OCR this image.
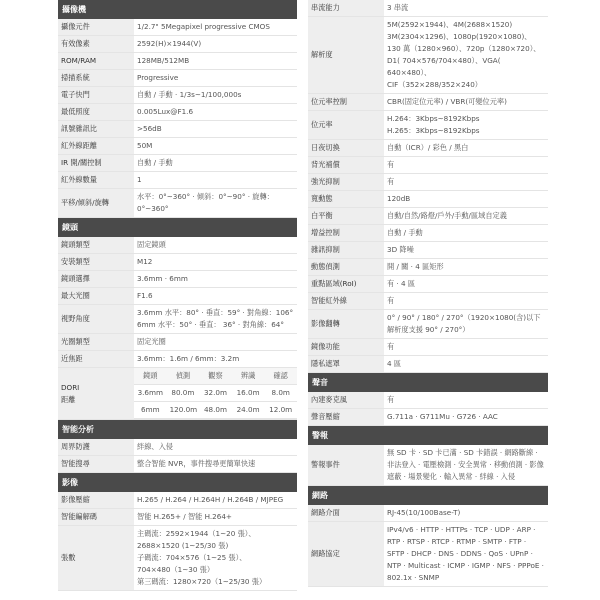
攝像機
攝像元件	1/2.7" 5Megapixel progressive CMOS
有效像素	2592(H)×1944(V)
ROM/RAM	128MB/512MB
掃描系統	Progressive
電子快門	自動 / 手動 · 1/3s~1/100,000s
最低照度	0.005Lux@F1.6
訊號雜訊比	>56dB
紅外線距離	50M
IR 開/關控制	自動 / 手動
紅外線數量	1
平移/傾斜/旋轉	水平：0°~360° · 傾斜：0°~90° · 旋轉：0°~360°
鏡頭
鏡頭類型	固定鏡頭
安裝類型	M12
鏡頭選擇	3.6mm · 6mm
最大光圈	F1.6
視野角度	3.6mm 水平：80° · 垂直：59° · 對角線：106°
6mm 水平：50° · 垂直： 36° · 對角線：64°
光圈類型	固定光圈
近焦距	3.6mm：1.6m / 6mm：3.2m
DORI
距離	
鏡頭	偵測	觀察	辨識	確認
3.6mm	80.0m	32.0m	16.0m	8.0m
6mm	120.0m	48.0m	24.0m	12.0m
智能分析
周界防護	絆線、入侵
智能搜尋	整合智能 NVR，事件搜尋更簡單快速
影像
影像壓縮	H.265 / H.264 / H.264H / H.264B / MJPEG
智能編解碼	智能 H.265+ / 智能 H.264+
張數	主碼流：2592×1944（1~20 張）、
2688×1520 (1~25/30 張)
子碼流：704×576（1~25 張）、
704×480（1~30 張）
第三碼流：1280×720（1~25/30 張）
串流能力	3 串流
解析度	5M(2592×1944)、4M(2688×1520)
3M(2304×1296)、1080p(1920×1080)、
130 萬（1280×960）、720p（1280×720）、
D1( 704×576/704×480）、VGA( 640×480）、
CIF（352×288/352×240）
位元率控制	CBR(固定位元率) / VBR(可變位元率)
位元率	H.264：3Kbps~8192Kbps
H.265：3Kbps~8192Kbps
日夜切換	自動（ICR）/ 彩色 / 黑白
背光補償	有
強光抑制	有
寬動態	120dB
白平衡	自動/自然/路燈/戶外/手動/區域自定義
增益控制	自動 / 手動
雜訊抑制	3D 降噪
動態偵測	開 / 關 · 4 區矩形
重點區域(RoI)	有 · 4 區
智能紅外線	有
影像翻轉	0° / 90° / 180° / 270°（1920×1080(含)以下解析度支援 90° / 270°）
鏡像功能	有
隱私遮罩	4 區
聲音
內建麥克風	有
聲音壓縮	G.711a · G711Mu · G726 · AAC
警報
警報事件	無 SD 卡 · SD 卡已滿 · SD 卡錯誤 · 網路斷線 · 非法登入 · 電壓檢測 · 安全異常 · 移動偵測 · 影像遮蔽 · 場景變化 · 輸入異常 · 絆線 · 入侵
網路
網路介面	RJ-45(10/100Base-T)
網路協定	IPv4/v6 · HTTP · HTTPs · TCP · UDP · ARP · RTP · RTSP · RTCP · RTMP · SMTP · FTP · SFTP · DHCP · DNS · DDNS · QoS · UPnP · NTP · Multicast · ICMP · IGMP · NFS · PPPoE · 802.1x · SNMP
